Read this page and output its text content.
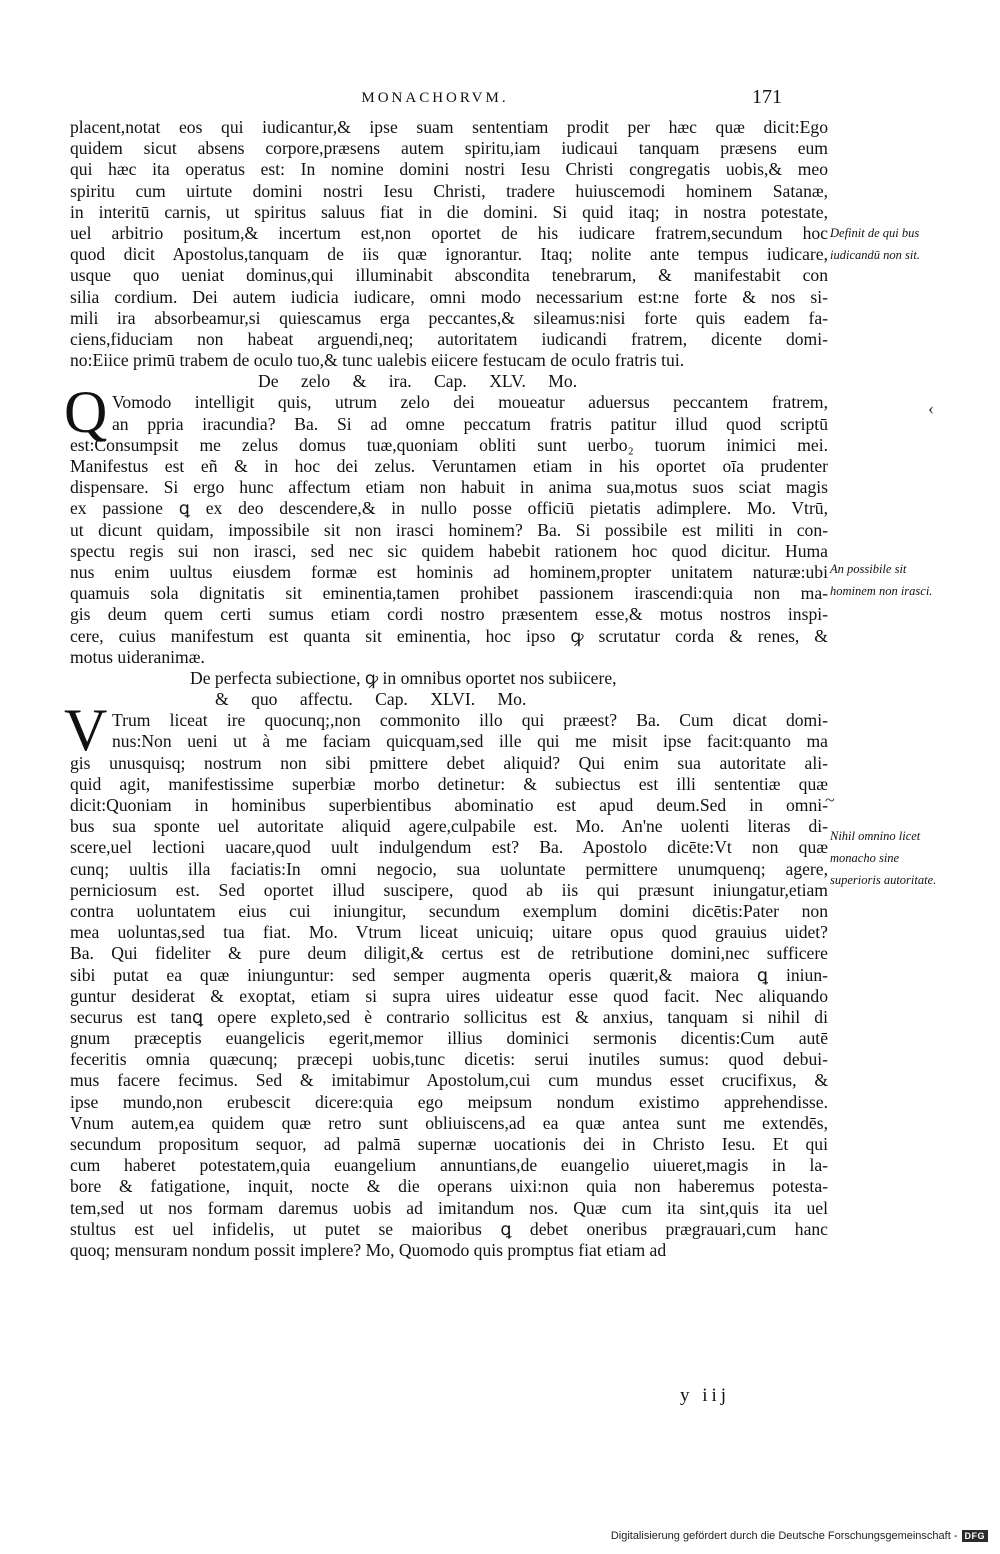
MONACHORVM.	171
placent,notat eos qui iudicantur,& ipse suam sententiam prodit per hæc quæ dicit:Ego
quidem sicut absens corpore,præsens autem spiritu,iam iudicaui tanquam præsens eum
qui hæc ita operatus est: In nomine domini nostri Iesu Christi congregatis uobis,& meo
spiritu cum uirtute domini nostri Iesu Christi, tradere huiuscemodi hominem Satanæ,
in interitū carnis, ut spiritus saluus fiat in die domini. Si quid itaq; in nostra potestate,
uel arbitrio positum,& incertum est,non oportet de his iudicare fratrem,secundum hoc
quod dicit Apostolus,tanquam de iis quæ ignorantur. Itaq; nolite ante tempus iudicare,
usque quo ueniat dominus,qui illuminabit abscondita tenebrarum, & manifestabit con
silia cordium. Dei autem iudicia iudicare, omni modo necessarium est:ne forte & nos si-
mili ira absorbeamur,si quiescamus erga peccantes,& sileamus:nisi forte quis eadem fa-
ciens,fiduciam non habeat arguendi,neq; autoritatem iudicandi fratrem, dicente domi-
no:Eiice primū trabem de oculo tuo,& tunc ualebis eiicere festucam de oculo fratris tui.
De zelo & ira. Cap. XLV. Mo.
Q Vomodo intelligit quis, utrum zelo dei moueatur aduersus peccantem fratrem,
an ppria iracundia? Ba. Si ad omne peccatum fratris patitur illud quod scriptū
est:Consumpsit me zelus domus tuæ,quoniam obliti sunt uerbo₂ tuorum inimici mei.
Manifestus est eñ & in hoc dei zelus. Veruntamen etiam in his oportet oīa prudenter
dispensare. Si ergo hunc affectum etiam non habuit in anima sua,motus suos sciat magis
ex passione ꝗ ex deo descendere,& in nullo posse officiū pietatis adimplere. Mo. Vtrū,
ut dicunt quidam, impossibile sit non irasci hominem? Ba. Si possibile est militi in con-
spectu regis sui non irasci, sed nec sic quidem habebit rationem hoc quod dicitur. Huma
nus enim uultus eiusdem formæ est hominis ad hominem,propter unitatem naturæ:ubi
quamuis sola dignitatis sit eminentia,tamen prohibet passionem irascendi:quia non ma-
gis deum quem certi sumus etiam cordi nostro præsentem esse,& motus nostros inspi-
cere, cuius manifestum est quanta sit eminentia, hoc ipso ꝙ scrutatur corda & renes, &
motus uideranimæ.
De perfecta subiectione, ꝙ in omnibus oportet nos subiicere,
& quo affectu. Cap. XLVI. Mo.
V Trum liceat ire quocunq;,non commonito illo qui præest? Ba. Cum dicat domi-
nus:Non ueni ut à me faciam quicquam,sed ille qui me misit ipse facit:quanto ma
gis unusquisq; nostrum non sibi pmittere debet aliquid? Qui enim sua autoritate ali-
quid agit, manifestissime superbiæ morbo detinetur: & subiectus est illi sententiæ quæ
dicit:Quoniam in hominibus superbientibus abominatio est apud deum.Sed in omni-
bus sua sponte uel autoritate aliquid agere,culpabile est. Mo. An'ne uolenti literas di-
scere,uel lectioni uacare,quod uult indulgendum est? Ba. Apostolo dicēte:Vt non quæ
cunq; uultis illa faciatis:In omni negocio, sua uoluntate permittere unumquenq; agere,
perniciosum est. Sed oportet illud suscipere, quod ab iis qui præsunt iniungatur,etiam
contra uoluntatem eius cui iniungitur, secundum exemplum domini dicētis:Pater non
mea uoluntas,sed tua fiat. Mo. Vtrum liceat unicuiq; uitare opus quod grauius uidet?
Ba. Qui fideliter & pure deum diligit,& certus est de retributione domini,nec sufficere
sibi putat ea quæ iniunguntur: sed semper augmenta operis quærit,& maiora ꝗ iniun-
guntur desiderat & exoptat, etiam si supra uires uideatur esse quod facit. Nec aliquando
securus est tanꝗ opere expleto,sed è contrario sollicitus est & anxius, tanquam si nihil di
gnum præceptis euangelicis egerit,memor illius dominici sermonis dicentis:Cum autē
feceritis omnia quæcunq; præcepi uobis,tunc dicetis: serui inutiles sumus: quod debui-
mus facere fecimus. Sed & imitabimur Apostolum,cui cum mundus esset crucifixus, &
ipse mundo,non erubescit dicere:quia ego meipsum nondum existimo apprehendisse.
Vnum autem,ea quidem quæ retro sunt obliuiscens,ad ea quæ antea sunt me extendēs,
secundum propositum sequor, ad palmā supernæ uocationis dei in Christo Iesu. Et qui
cum haberet potestatem,quia euangelium annuntians,de euangelio uiueret,magis in la-
bore & fatigatione, inquit, nocte & die operans uixi:non quia non haberemus potesta-
tem,sed ut nos formam daremus uobis ad imitandum nos. Quæ cum ita sint,quis ita uel
stultus est uel infidelis, ut putet se maioribus ꝗ debet oneribus prægrauari,cum hanc
quoq; mensuram nondum possit implere? Mo, Quomodo quis promptus fiat etiam ad
Definit de qui bus iudicandū non sit.
An possibile sit hominem non irasci.
Nihil omnino licet monacho sine superioris autoritate.
‹
~
y iij
Digitalisierung gefördert durch die Deutsche Forschungsgemeinschaft - DFG
